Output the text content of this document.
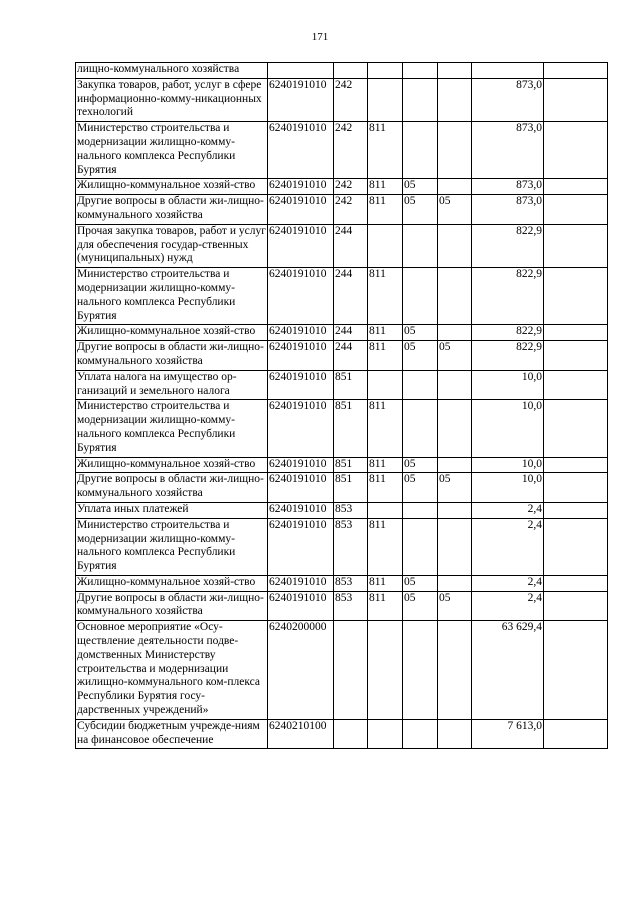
171
лищно-коммунального хозяйства							
Закупка товаров, работ, услуг в сфере информационно-комму-никационных технологий	6240191010	242				873,0	
Министерство строительства и модернизации жилищно-комму-нального комплекса Республики Бурятия	6240191010	242	811			873,0	
Жилищно-коммунальное хозяй-ство	6240191010	242	811	05		873,0	
Другие вопросы в области жи-лищно-коммунального хозяйства	6240191010	242	811	05	05	873,0	
Прочая закупка товаров, работ и услуг для обеспечения государ-ственных (муниципальных) нужд	6240191010	244				822,9	
Министерство строительства и модернизации жилищно-комму-нального комплекса Республики Бурятия	6240191010	244	811			822,9	
Жилищно-коммунальное хозяй-ство	6240191010	244	811	05		822,9	
Другие вопросы в области жи-лищно-коммунального хозяйства	6240191010	244	811	05	05	822,9	
Уплата налога на имущество ор-ганизаций и земельного налога	6240191010	851				10,0	
Министерство строительства и модернизации жилищно-комму-нального комплекса Республики Бурятия	6240191010	851	811			10,0	
Жилищно-коммунальное хозяй-ство	6240191010	851	811	05		10,0	
Другие вопросы в области жи-лищно-коммунального хозяйства	6240191010	851	811	05	05	10,0	
Уплата иных платежей	6240191010	853				2,4	
Министерство строительства и модернизации жилищно-комму-нального комплекса Республики Бурятия	6240191010	853	811			2,4	
Жилищно-коммунальное хозяй-ство	6240191010	853	811	05		2,4	
Другие вопросы в области жи-лищно-коммунального хозяйства	6240191010	853	811	05	05	2,4	
Основное мероприятие «Осу-ществление деятельности подве-домственных Министерству строительства и модернизации жилищно-коммунального ком-плекса Республики Бурятия госу-дарственных учреждений»	6240200000					63 629,4	
Субсидии бюджетным учрежде-ниям на финансовое обеспечение	6240210100					7 613,0	
